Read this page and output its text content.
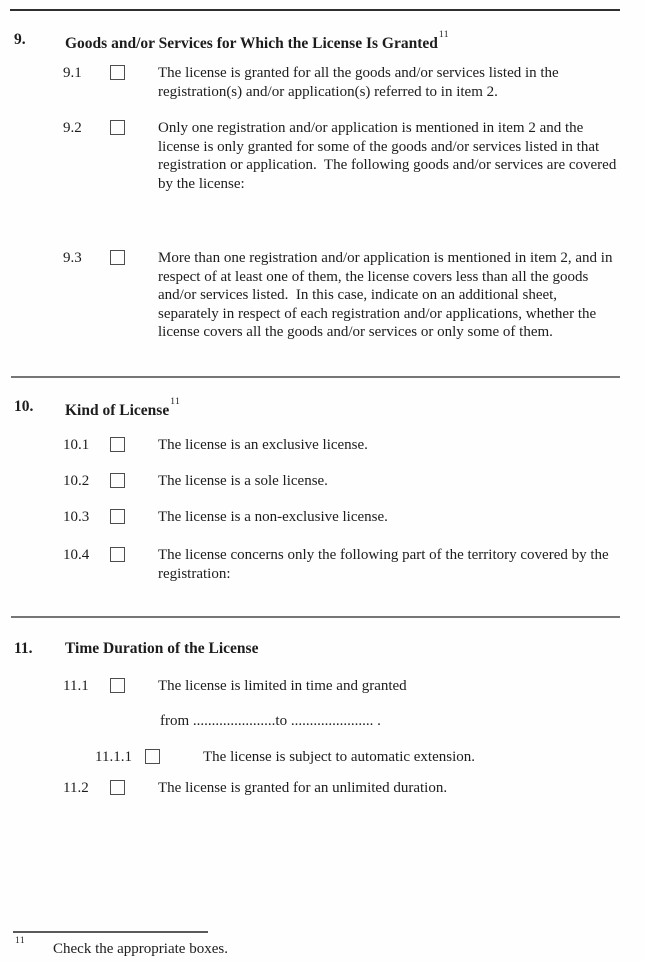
9.	Goods and/or Services for Which the License Is Granted$^{11}$
9.1	The license is granted for all the goods and/or services listed in the registration(s) and/or application(s) referred to in item 2.
9.2	Only one registration and/or application is mentioned in item 2 and the license is only granted for some of the goods and/or services listed in that registration or application.  The following goods and/or services are covered by the license:
9.3	More than one registration and/or application is mentioned in item 2, and in respect of at least one of them, the license covers less than all the goods and/or services listed.  In this case, indicate on an additional sheet, separately in respect of each registration and/or applications, whether the license covers all the goods and/or services or only some of them.
10. Kind of License$^{11}$
10.1	The license is an exclusive license.
10.2	The license is a sole license.
10.3	The license is a non-exclusive license.
10.4	The license concerns only the following part of the territory covered by the registration:
11. Time Duration of the License
11.1	The license is limited in time and granted
from ......................to ...................... .
11.1.1	The license is subject to automatic extension.
11.2	The license is granted for an unlimited duration.
11 Check the appropriate boxes.
